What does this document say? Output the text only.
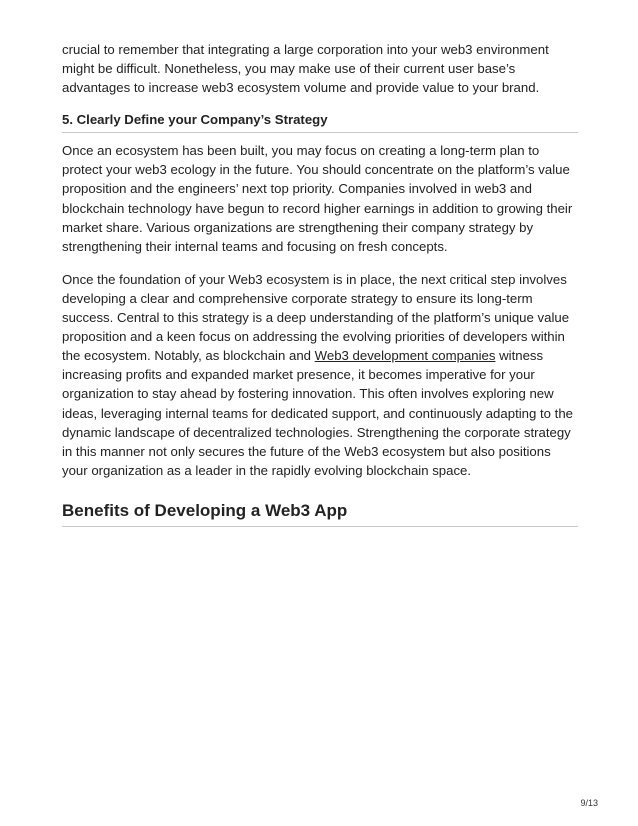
crucial to remember that integrating a large corporation into your web3 environment might be difficult. Nonetheless, you may make use of their current user base’s advantages to increase web3 ecosystem volume and provide value to your brand.

5. Clearly Define your Company’s Strategy

Once an ecosystem has been built, you may focus on creating a long-term plan to protect your web3 ecology in the future. You should concentrate on the platform’s value proposition and the engineers’ next top priority. Companies involved in web3 and blockchain technology have begun to record higher earnings in addition to growing their market share. Various organizations are strengthening their company strategy by strengthening their internal teams and focusing on fresh concepts.

Once the foundation of your Web3 ecosystem is in place, the next critical step involves developing a clear and comprehensive corporate strategy to ensure its long-term success. Central to this strategy is a deep understanding of the platform’s unique value proposition and a keen focus on addressing the evolving priorities of developers within the ecosystem. Notably, as blockchain and Web3 development companies witness increasing profits and expanded market presence, it becomes imperative for your organization to stay ahead by fostering innovation. This often involves exploring new ideas, leveraging internal teams for dedicated support, and continuously adapting to the dynamic landscape of decentralized technologies. Strengthening the corporate strategy in this manner not only secures the future of the Web3 ecosystem but also positions your organization as a leader in the rapidly evolving blockchain space.

Benefits of Developing a Web3 App
9/13
